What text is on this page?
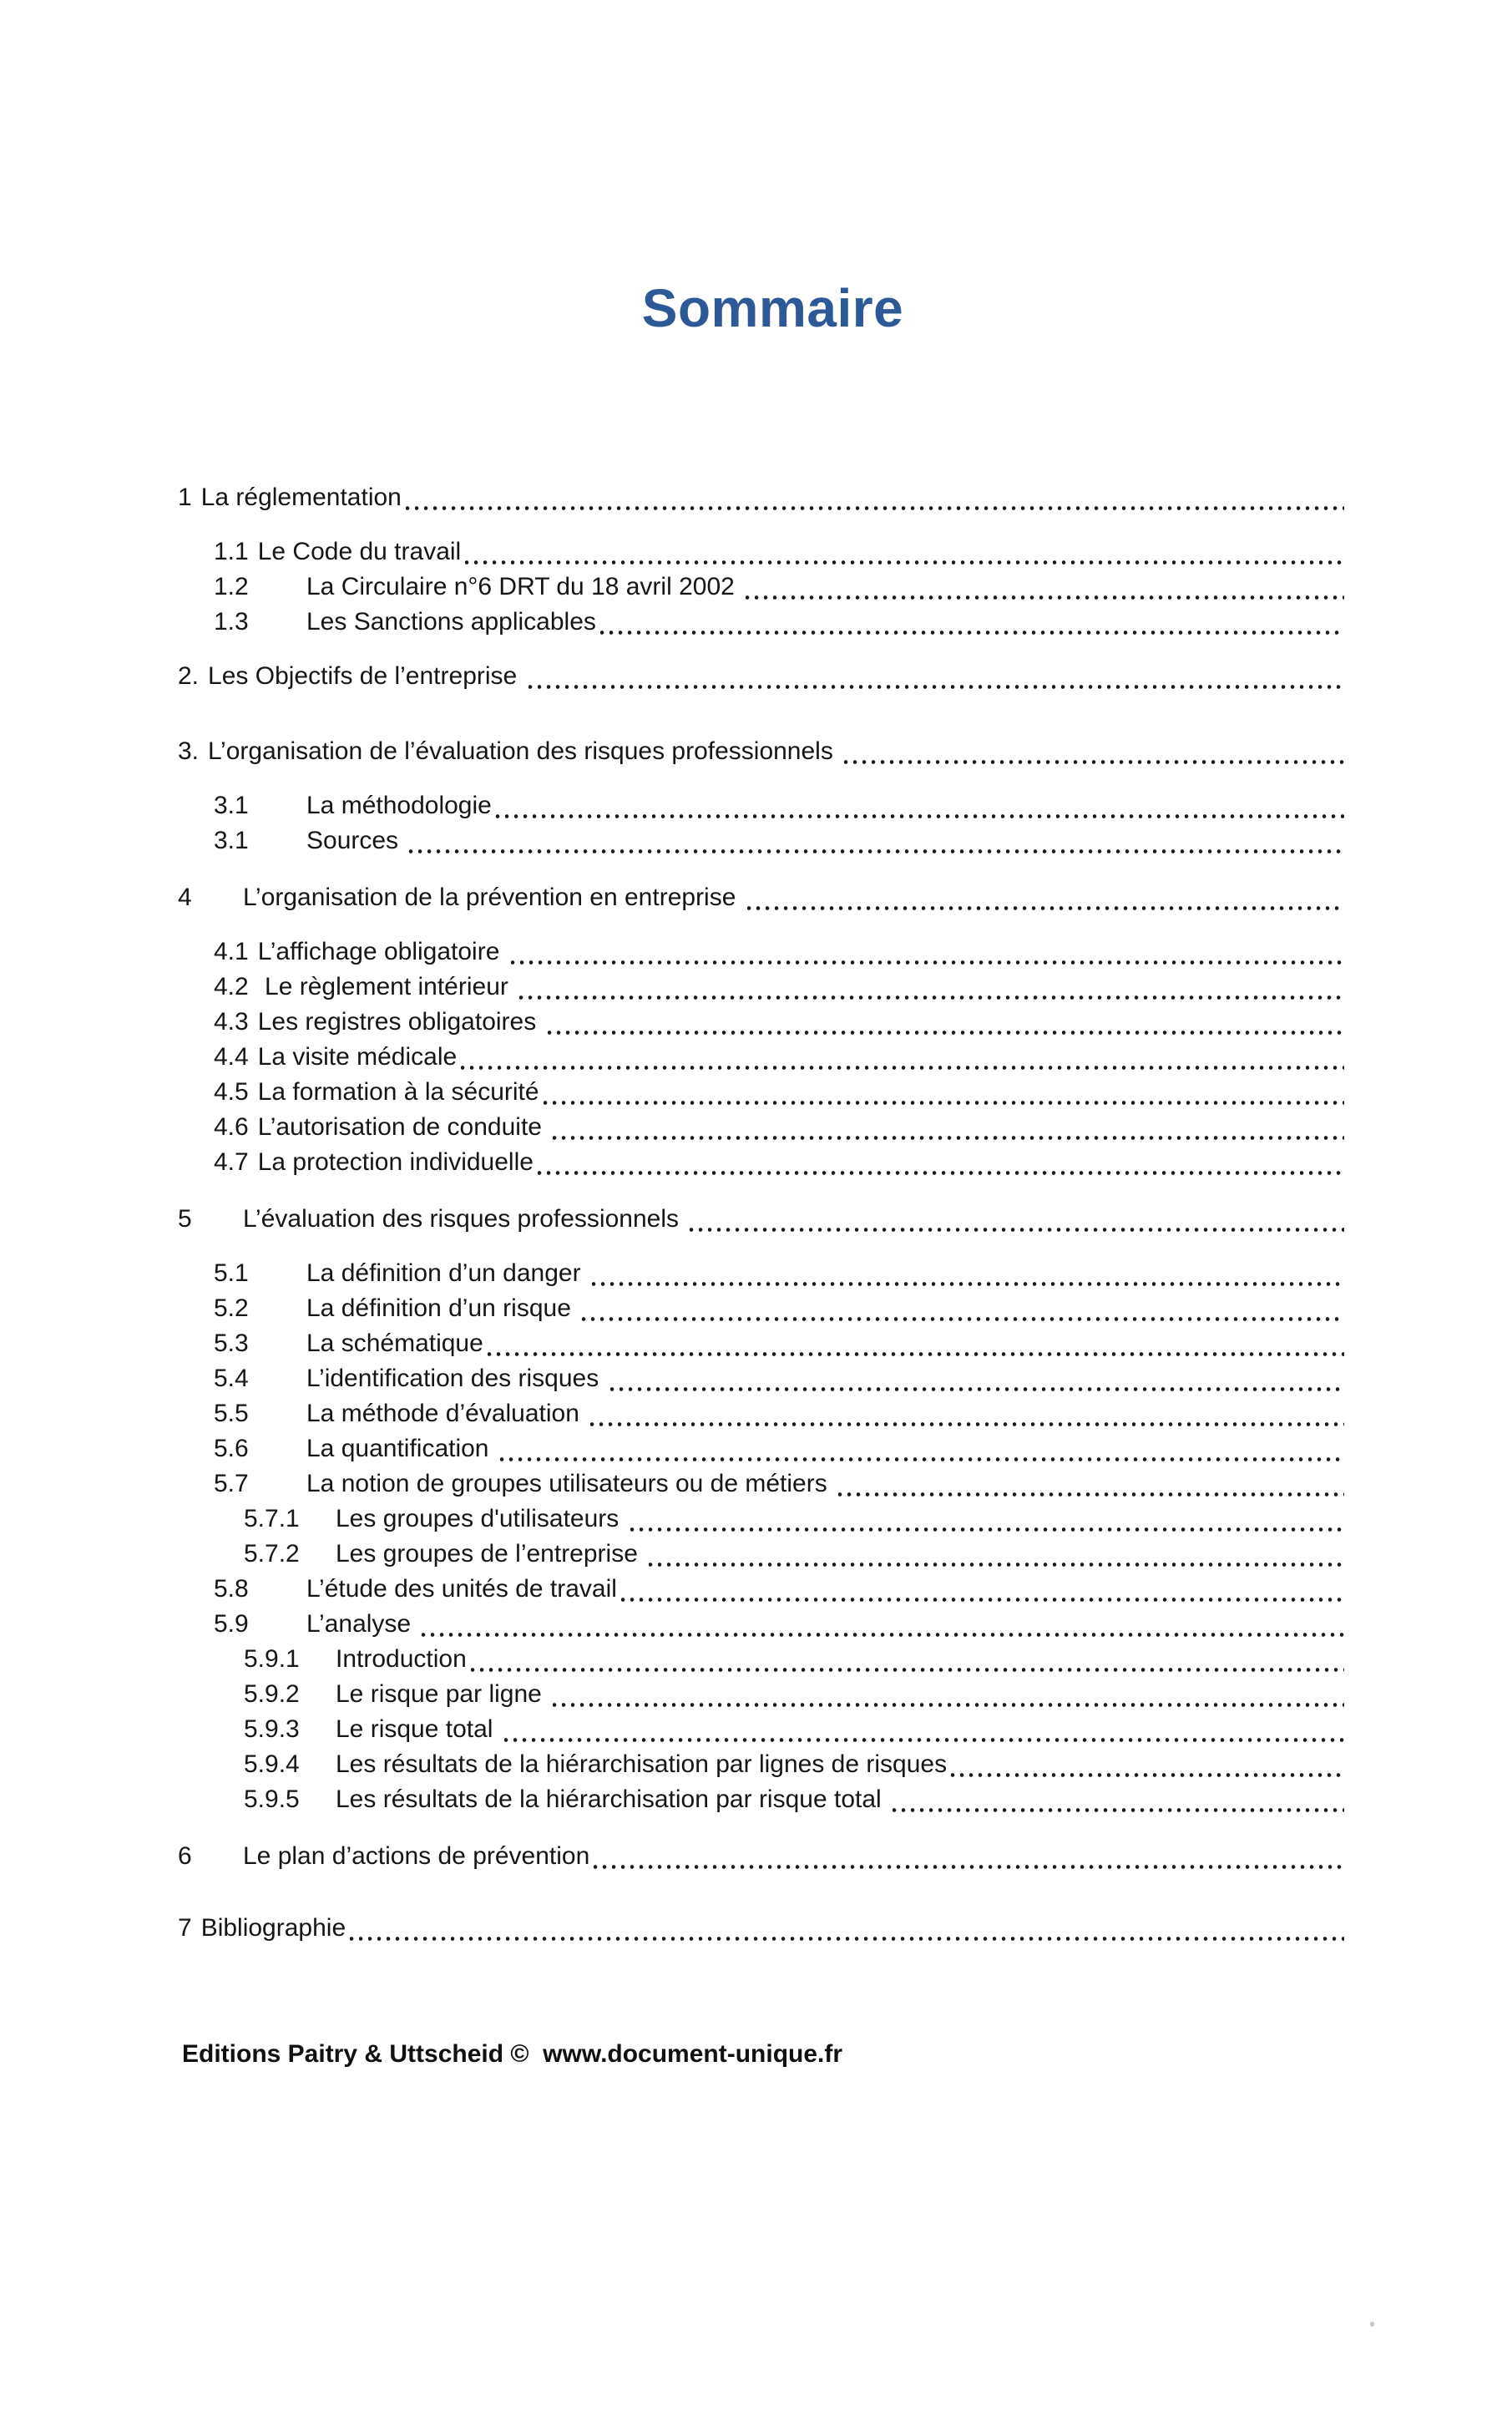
Sommaire
1 La réglementation
1.1 Le Code du travail
1.2	La Circulaire n°6 DRT du 18 avril 2002
1.3	Les Sanctions applicables
2. Les Objectifs de l’entreprise
3. L’organisation de l’évaluation des risques professionnels
3.1	La méthodologie
3.1	Sources
4	L’organisation de la prévention en entreprise
4.1 L’affichage obligatoire
4.2 Le règlement intérieur
4.3 Les registres obligatoires
4.4 La visite médicale
4.5 La formation à la sécurité
4.6 L’autorisation de conduite
4.7 La protection individuelle
5	L’évaluation des risques professionnels
5.1	La définition d’un danger
5.2	La définition d’un risque
5.3	La schématique
5.4	L’identification des risques
5.5	La méthode d’évaluation
5.6	La quantification
5.7	La notion de groupes utilisateurs ou de métiers
5.7.1	Les groupes d'utilisateurs
5.7.2	Les groupes de l’entreprise
5.8	L’étude des unités de travail
5.9	L’analyse
5.9.1	Introduction
5.9.2	Le risque par ligne
5.9.3	Le risque total
5.9.4	Les résultats de la hiérarchisation par lignes de risques
5.9.5	Les résultats de la hiérarchisation par risque total
6	Le plan d’actions de prévention
7 Bibliographie
Editions Paitry & Uttscheid ©  www.document-unique.fr
